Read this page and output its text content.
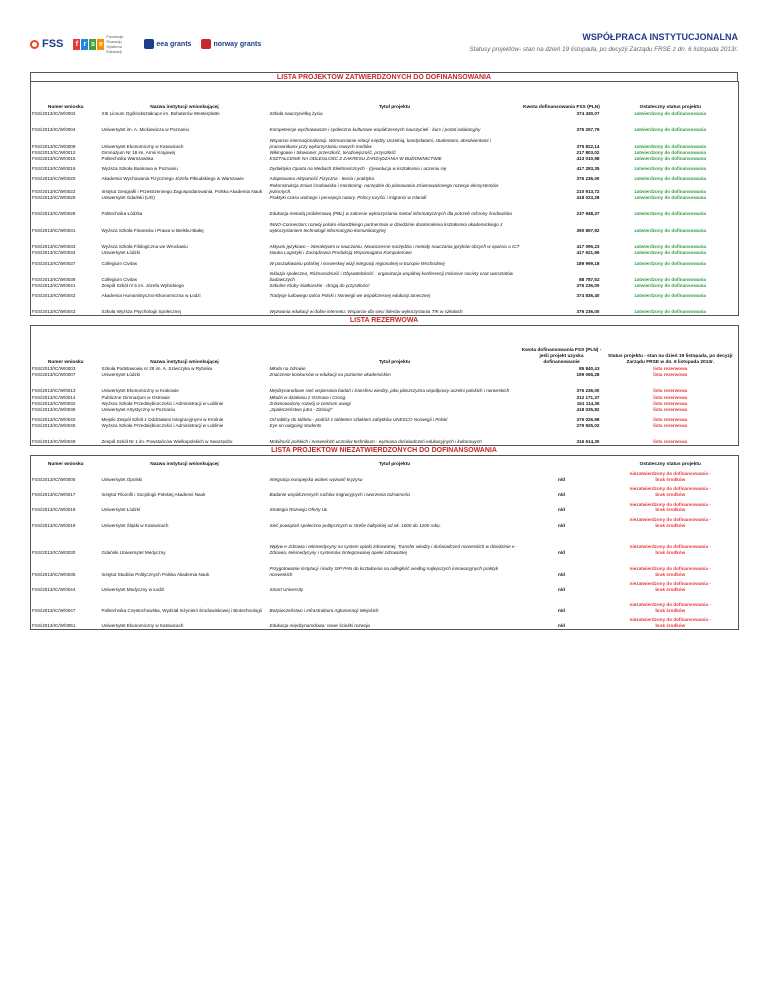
FSS	f r s e
Fundacja Rozwoju Systemu Edukacji
eea grants	norway grants
WSPÓŁPRACA INSTYTUCJONALNA
Statusy projektów- stan na dzień 19 listopada, po decyzji Zarządu FRSE z dn. 6 listopada 2013r.
LISTA PROJEKTÓW ZATWIERDZONYCH DO DOFINANSOWANIA
Numer wniosku	Nazwa instytucji wnioskującej	Tytuł projektu	Kwota dofinansowania FSS (PLN)	Ostateczny status projektu
FSS/2013/IC/W/0002	XIII Liceum Ogólnokształcące im. Bohaterów Westerplatte	Szkoła nauczycielką życia	374 430,07	zatwierdzony do dofinansowania

FSS/2013/IC/W/0004	Uniwersytet im. A. Mickiewicza w Poznaniu	Kompetencje wychowawcze i społeczno-kulturowe współczesnych nauczycieli - kurs i portal edukacyjny	375 257,79	zatwierdzony do dofinansowania

FSS/2013/IC/W/0009	Uniwersytet Ekonomiczny w Katowicach	Wsparcie internacjonalizacji. Wzmacnianie relacji między Uczelnią, kandydatami, studentami, absolwentami i pracownikami przy wykorzystaniu nowych mediów	375 822,14	zatwierdzony do dofinansowania
FSS/2013/IC/W/0012	Gimnazjum Nr 18 im. Armii Krajowej	Wikingowie i Słowianie: przeszłość, teraźniejszość, przyszłość	217 803,02	zatwierdzony do dofinansowania
FSS/2013/IC/W/0015	Politechnika Warszawska	KSZTAŁCENIE NA ODLEGŁOŚĆ Z ZAKRESU ZARZĄDZANIA W BUDOWNICTWIE	413 010,98	zatwierdzony do dofinansowania

FSS/2013/IC/W/0016	Wyższa Szkoła Bankowa w Poznaniu	Dydaktyka Oparta na Mediach Elektronicznych - (r)ewolucja w kształceniu i uczeniu się	417 283,35	zatwierdzony do dofinansowania

FSS/2013/IC/W/0020	Akademia Wychowania Fizycznego Józefa Piłsudskiego w Warszawie	Adaptowana Aktywność Fizyczna - teoria i praktyka	376 236,00	zatwierdzony do dofinansowania
FSS/2013/IC/W/0022	Instytut Geografii i Przestrzennego Zagospodarowania, Polska Akademia Nauk	Rekonstrukcja zmian środowiska i monitoring- narzędzie do planowania zrównoważonego rozwoju ekosystemów jeziornych.	210 913,72	zatwierdzony do dofinansowania
FSS/2013/IC/W/0025	Uniwersytet Gdański (UG)	Praktyki czasu wolnego i percepcja natury. Polscy turyści i migranci w Islandii	418 023,28	zatwierdzony do dofinansowania

FSS/2013/IC/W/0028	Politechnika Łódzka	Edukacja metodą problemową (PBL) w zakresie wykorzystania metod informatycznych dla potrzeb ochrony środowiska	237 948,37	zatwierdzony do dofinansowania

FSS/2013/IC/W/0031	Wyższa Szkoła Finansów i Prawa w Bielsku-Białej	INNO-Connection: rozwój polsko-islandzkiego partnerstwa w dziedzinie doskonalenia kształcenia akademickiego z wykorzystaniem technologii informacyjno-komunikacyjnej	390 897,92	zatwierdzony do dofinansowania

FSS/2013/IC/W/0033	Wyższa Szkoła Filologiczna we Wrocławiu	Aktywni językowo – interaktywni w nauczaniu. Nowoczesne narzędzia i metody nauczania języków obcych w oparciu o ICT	417 095,23	zatwierdzony do dofinansowania
FSS/2013/IC/W/0034	Uniwersytet Łódzki	Nauka Logistyki i Zarządzania Produkcją Wspomagana Komputerowo	417 621,96	zatwierdzony do dofinansowania

FSS/2013/IC/W/0037	Collegium Civitas	W poszukiwaniu polskiej i norweskiej wizji integracji regionalnej w Europie Wschodniej	189 999,18	zatwierdzony do dofinansowania

FSS/2013/IC/W/0038	Collegium Civitas	Inkluzja społeczna, Różnorodność i Obywatelskość - organizacja współnej konferencji Inclusive society oraz warsztatów badawczych	88 787,52	zatwierdzony do dofinansowania
FSS/2013/IC/W/0041	Zespół Szkół nr 5 im. Józefa Wybickiego	Szkolne Kluby Siatkarskie - drogą do przyszłości!	376 236,00	zatwierdzony do dofinansowania

FSS/2013/IC/W/0042	Akademia Humanistyczno-Ekonomiczna w Łodzi	Tradycje ludowego tańca Polski i Norwegii we współczesnej edukacji tanecznej	374 836,40	zatwierdzony do dofinansowania

FSS/2013/IC/W/0043	Szkoła Wyższa Psychologii Społecznej	Wyzwania edukacji w dobie internetu: Wsparcie dla sieci liderów wykorzystania TIK w szkołach	376 236,00	zatwierdzony do dofinansowania
LISTA REZERWOWA
Numer wniosku	Nazwa instytucji wnioskującej	Tytuł projektu	Kwota dofinansowania FSS (PLN) - jeśli projekt uzyska dofinansowanie	Status projektu - stan na dzień 19 listopada, po decyzji Zarządu FRSE w dn. 6 listopada 2013r.
FSS/2013/IC/W/0003	Szkoła Podstawowa nr 28 im. A. Sziwczyka w Rybniku	Młoda na zdrowie	85 840,43	lista rezerwowa
FSS/2013/IC/W/0007	Uniwersytet Łódzki	Znaczenie konkursów w edukacji na poziomie akademickim	199 065,28	lista rezerwowa

FSS/2013/IC/W/0013	Uniwersytet Ekonomiczny w Krakowie	Międzynarodowe sieć wspierania badań i transferu wiedzy, jako płaszczyzna współpracy uczelni polskich i norweskich	376 236,00	lista rezerwowa
FSS/2013/IC/W/0014	Publiczne Gimnazjum w Ostrowie	Młodzi w działaniu z Ostrowa i Grong.	312 171,37	lista rezerwowa
FSS/2013/IC/W/0032	Wyższa Szkoła Przedsiębiorczości i Administracji w Lublinie	Zrównoważony rozwój w centrum uwagi	151 114,35	lista rezerwowa
FSS/2013/IC/W/0036	Uniwersytet Artystyczny w Poznaniu	„Społeczeństwo jutra - Dzisiaj!”	418 035,82	lista rezerwowa

FSS/2013/IC/W/0040	Miejski Zespół Szkół z Oddziałami Integracyjnymi w Krośnie	Od tablicy do tabletu - podróż z tabletem szlakiem zabytków UNESCO Norwegii i Polski	376 026,98	lista rezerwowa
FSS/2013/IC/W/0045	Wyższa Szkoła Przedsiębiorczości i Administracji w Lublinie	Eye on outgoing students	279 925,02	lista rezerwowa

FSS/2013/IC/W/0049	Zespół Szkół Nr 1 im. Powstańców Wielkopolskich w Swarzędzu	Mobilność polskich i norweskich uczniów technikum - wymiana doświadczeń edukacyjnych i kulturowych	316 614,30	lista rezerwowa
LISTA PROJEKTÓW NIEZATWIERDZONYCH DO DOFINANSOWANIA
Numer wniosku	Nazwa instytucji wnioskującej	Tytuł projektu		Ostateczny status projektu
FSS/2013/IC/W/0005	Uniwersytet Opolski	Integracja europejska wobec wyzwań kryzysu	n/d	niezatwierdzony do dofinansowania -
brak środków

FSS/2013/IC/W/0017	Instytut Filozofii i Socjologii Polskiej Akademii Nauk	Badanie współczesnych ruchów migracyjnych i tworzenia tożsamości	n/d	niezatwierdzony do dofinansowania -
brak środków

FSS/2013/IC/W/0018	Uniwersytet Łódzki	Strategia Rozwoju Oferty UŁ	n/d	niezatwierdzony do dofinansowania -
brak środków

FSS/2013/IC/W/0019	Uniwersytet Śląski w Katowicach	Sieć powiązań społeczno-politycznych w strefie bałtyckiej od ok. 1000 do 1200 roku.	n/d	niezatwierdzony do dofinansowania -
brak środków

FSS/2013/IC/W/0030	Gdański Uniwersytet Medyczny	Wpływ e-Zdrowia i telemedycyny na system opieki zdrowotnej. Transfer wiedzy i doświadczeń norweskich w dziedzinie e - Zdrowia, telemedycyny i systemów zintegrowanej opieki zdrowotnej	n/d	niezatwierdzony do dofinansowania -
brak środków

FSS/2013/IC/W/0035	Instytut Studiów Politycznych Polska Akademia Nauk	Przygotowanie instytucji i kadry ISP PAN do kształcenia na odległość według najlepszych innowacyjnych praktyk norweskich	n/d	niezatwierdzony do dofinansowania -
brak środków

FSS/2013/IC/W/0044	Uniwersytet Medyczny w Łodzi	Smart University	n/d	niezatwierdzony do dofinansowania -
brak środków

FSS/2013/IC/W/0047	Politechnika Częstochowska, Wydział Inżynierii Środowiskowej i Biotechnologii	Bezpieczeństwo i Infrastruktura Aglomeracji Miejskich	n/d	niezatwierdzony do dofinansowania -
brak środków

FSS/2013/IC/W/0051	Uniwersytet Ekonomiczny w Katowicach	Edukacja międzynarodowa: nowe ścieżki rozwoju	n/d	niezatwierdzony do dofinansowania -
brak środków
